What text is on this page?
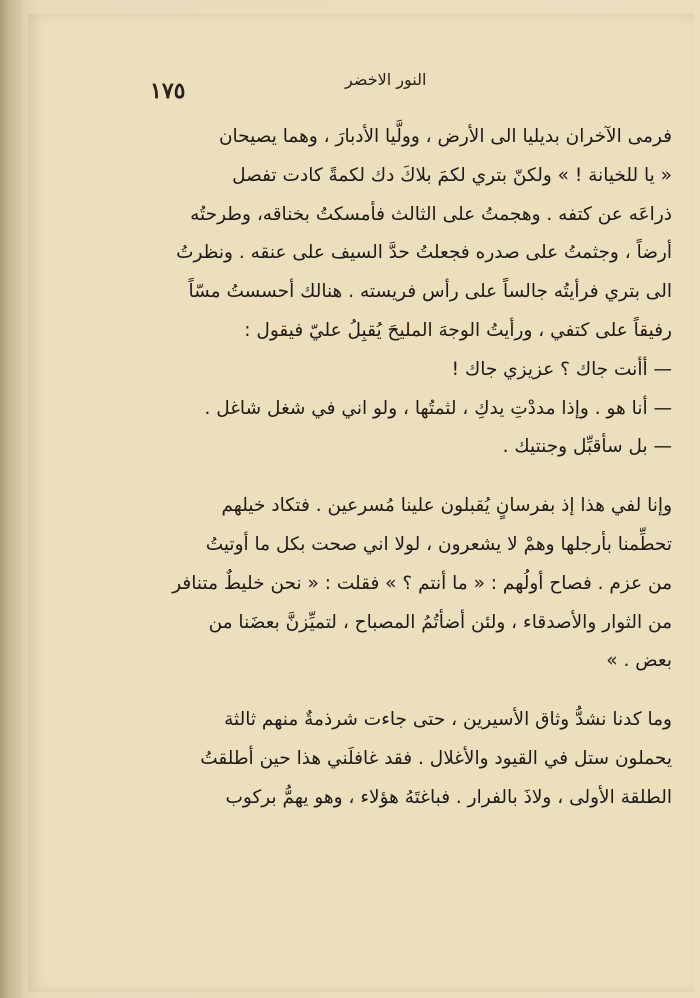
١٧٥	النور الاخضر
فرمى الآخران بديليا الى الأرض ، وولَّيا الأدبارَ ، وهما يصيحان
« يا للخيانة ! » ولكنّ بتري لكمَ بلاكَ دك لكمةً كادت تفصل
ذراعَه عن كتفه . وهجمتُ على الثالث فأمسكتُ بخناقه، وطرحتُه
أرضاً ، وجثمتُ على صدره فجعلتُ حدَّ السيف على عنقه . ونظرتُ
الى بتري فرأيتُه جالساً على رأس فريسته . هنالك أحسستُ مسّاً
رفيقاً على كتفي ، ورأيتُ الوجهَ المليحَ يُقبِلُ عليّ فيقول :
— أأنت جاك ؟ عزيزي جاك !
— أنا هو . وإذا مددْتِ يدكِ ، لثمتُها ، ولو اني في شغل شاغل .
— بل سأقبِّل وجنتيك .
وإنا لفي هذا إذ بفرسانٍ يُقبلون علينا مُسرعين . فتكاد خيلهم
تحطِّمنا بأرجلها وهمْ لا يشعرون ، لولا اني صحت بكل ما أوتيتُ
من عزم . فصاح أولُهم : « ما أنتم ؟ » فقلت : « نحن خليطٌ متنافر
من الثوار والأصدقاء ، ولئن أضأتُمُ المصباح ، لتميِّزنَّ بعضَنا من
بعض . »
وما كدنا نشدُّ وثاق الأسيرين ، حتى جاءت شرذمةٌ منهم ثالثة
يحملون ستل في القيود والأغلال . فقد غافلَني هذا حين أطلقتُ
الطلقة الأولى ، ولاذَ بالفرار . فباغتَهُ هؤلاء ، وهو يهمُّ بركوب
